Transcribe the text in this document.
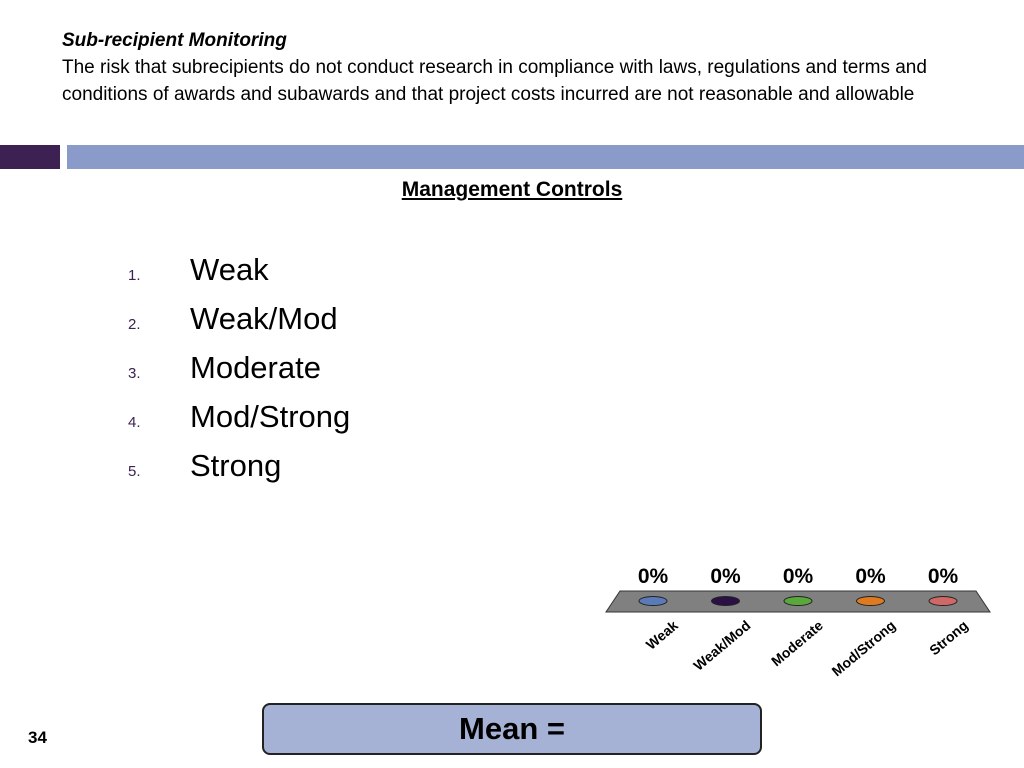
Sub-recipient Monitoring
The risk that subrecipients do not conduct research in compliance with laws, regulations and terms and conditions of awards and subawards and that project costs incurred are not reasonable and allowable
Management Controls
1. Weak
2. Weak/Mod
3. Moderate
4. Mod/Strong
5. Strong
0%
Weak
0%
Weak/Mod
0%
Moderate
0%
Mod/Strong
0%
Strong
Mean =
34
